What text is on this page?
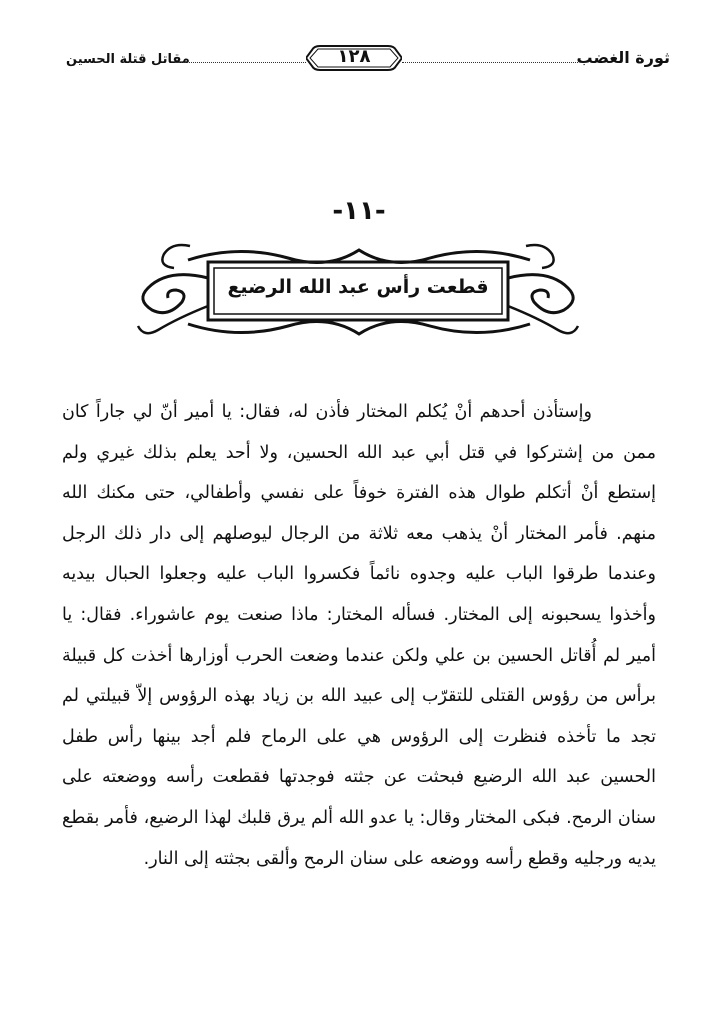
مقاتل قتلة الحسين	١٢٨	ثورة الغضب
-١١-
قطعت رأس عبد الله الرضيع

وإستأذن أحدهم أنْ يُكلم المختار فأذن له، فقال: يا أمير أنّ لي جاراً كان ممن من إشتركوا في قتل أبي عبد الله الحسين، ولا أحد يعلم بذلك غيري ولم إستطع أنْ أتكلم طوال هذه الفترة خوفاً على نفسي وأطفالي، حتى مكنك الله منهم. فأمر المختار أنْ يذهب معه ثلاثة من الرجال ليوصلهم إلى دار ذلك الرجل وعندما طرقوا الباب عليه وجدوه نائماً فكسروا الباب عليه وجعلوا الحبال بيديه وأخذوا يسحبونه إلى المختار. فسأله المختار: ماذا صنعت يوم عاشوراء. فقال: يا أمير لم أُقاتل الحسين بن علي ولكن عندما وضعت الحرب أوزارها أخذت كل قبيلة برأس من رؤوس القتلى للتقرّب إلى عبيد الله بن زياد بهذه الرؤوس إلاّ قبيلتي لم تجد ما تأخذه فنظرت إلى الرؤوس هي على الرماح فلم أجد بينها رأس طفل الحسين عبد الله الرضيع فبحثت عن جثته فوجدتها فقطعت رأسه ووضعته على سنان الرمح. فبكى المختار وقال: يا عدو الله ألم يرق قلبك لهذا الرضيع، فأمر بقطع يديه ورجليه وقطع رأسه ووضعه على سنان الرمح وألقى بجثته إلى النار.
